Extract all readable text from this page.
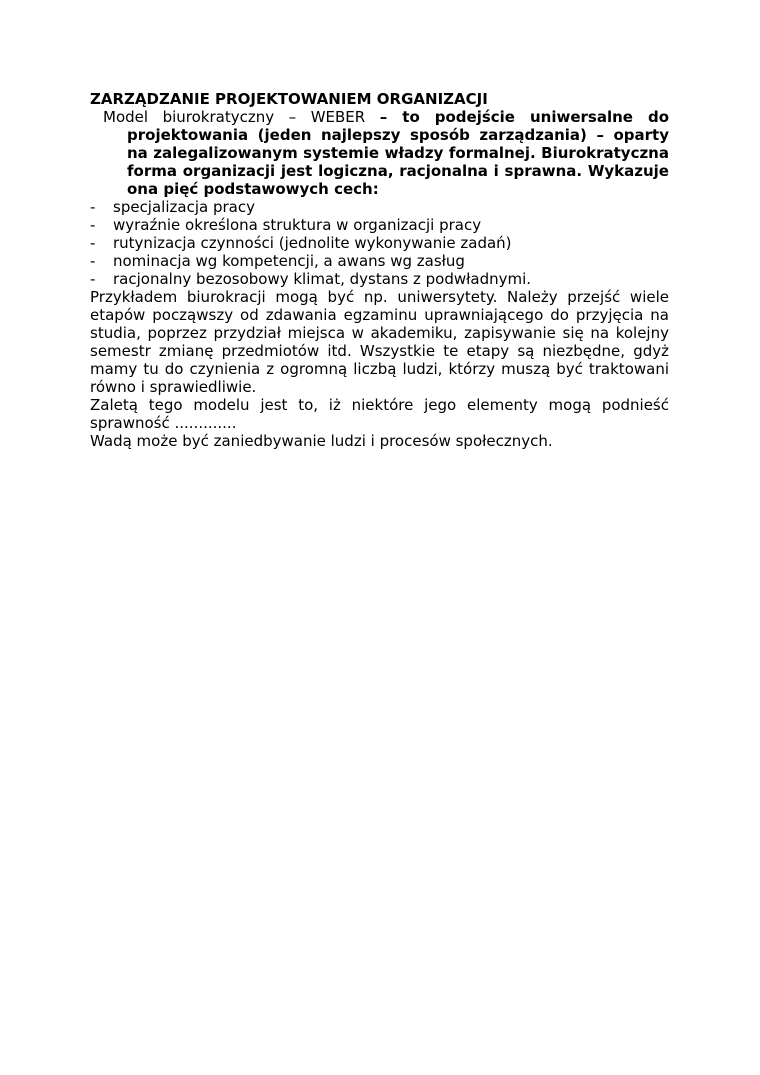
ZARZĄDZANIE PROJEKTOWANIEM ORGANIZACJI

Model biurokratyczny – WEBER – to podejście uniwersalne do projektowania (jeden najlepszy sposób zarządzania) – oparty na zalegalizowanym systemie władzy formalnej. Biurokratyczna forma organizacji jest logiczna, racjonalna i sprawna. Wykazuje ona pięć podstawowych cech:

- specjalizacja pracy
- wyraźnie określona struktura w organizacji pracy
- rutynizacja czynności (jednolite wykonywanie zadań)
- nominacja wg kompetencji, a awans wg zasług
- racjonalny bezosobowy klimat, dystans z podwładnymi.

Przykładem biurokracji mogą być np. uniwersytety. Należy przejść wiele etapów począwszy od zdawania egzaminu uprawniającego do przyjęcia na studia, poprzez przydział miejsca w akademiku, zapisywanie się na kolejny semestr zmianę przedmiotów itd. Wszystkie te etapy są niezbędne, gdyż mamy tu do czynienia z ogromną liczbą ludzi, którzy muszą być traktowani równo i sprawiedliwie.

Zaletą tego modelu jest to, iż niektóre jego elementy mogą podnieść sprawność .............

Wadą może być zaniedbywanie ludzi i procesów społecznych.
